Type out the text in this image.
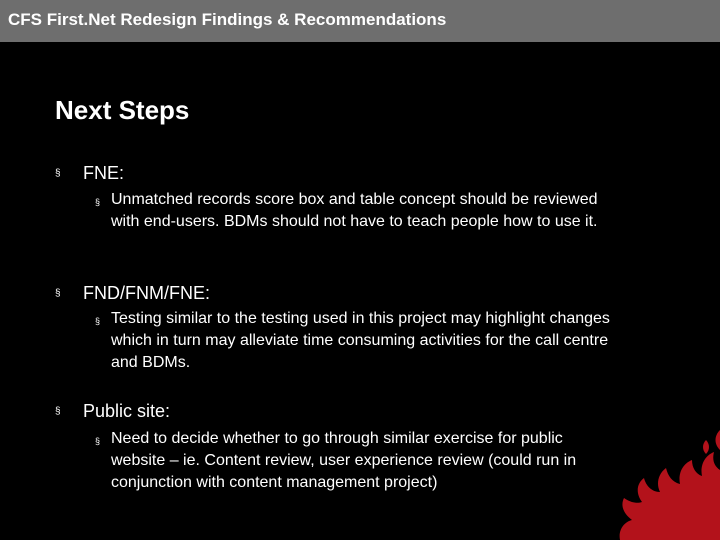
CFS First.Net Redesign Findings & Recommendations
Next Steps
§ FNE:
§ Unmatched records score box and table concept should be reviewed with end-users. BDMs should not have to teach people how to use it.
§ FND/FNM/FNE:
§ Testing similar to the testing used in this project may highlight changes which in turn may alleviate time consuming activities for the call centre and BDMs.
§ Public site:
§ Need to decide whether to go through similar exercise for public website – ie. Content review, user experience review (could run in conjunction with content management project)
